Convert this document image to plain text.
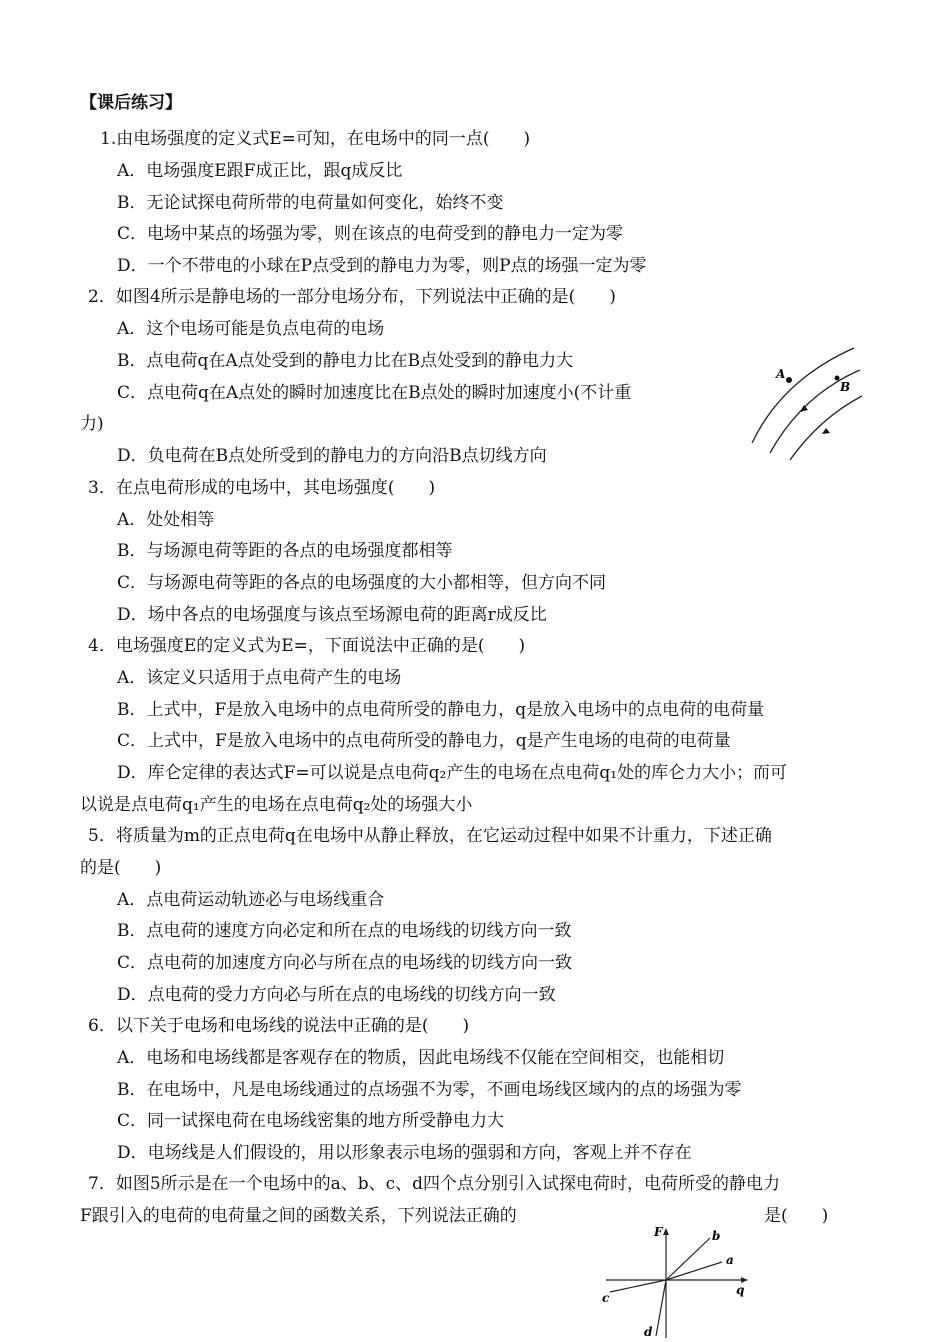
【课后练习】
1.由电场强度的定义式E=可知，在电场中的同一点(　　)
A．电场强度E跟F成正比，跟q成反比
B．无论试探电荷所带的电荷量如何变化，始终不变
C．电场中某点的场强为零，则在该点的电荷受到的静电力一定为零
D．一个不带电的小球在P点受到的静电力为零，则P点的场强一定为零
2．如图4所示是静电场的一部分电场分布，下列说法中正确的是(　　)
A．这个电场可能是负点电荷的电场
B．点电荷q在A点处受到的静电力比在B点处受到的静电力大
C．点电荷q在A点处的瞬时加速度比在B点处的瞬时加速度小(不计重
力)
D．负电荷在B点处所受到的静电力的方向沿B点切线方向
A
B
3．在点电荷形成的电场中，其电场强度(　　)
A．处处相等
B．与场源电荷等距的各点的电场强度都相等
C．与场源电荷等距的各点的电场强度的大小都相等，但方向不同
D．场中各点的电场强度与该点至场源电荷的距离r成反比
4．电场强度E的定义式为E=，下面说法中正确的是(　　)
A．该定义只适用于点电荷产生的电场
B．上式中，F是放入电场中的点电荷所受的静电力，q是放入电场中的点电荷的电荷量
C．上式中，F是放入电场中的点电荷所受的静电力，q是产生电场的电荷的电荷量
D．库仑定律的表达式F=可以说是点电荷q₂产生的电场在点电荷q₁处的库仑力大小；而可
以说是点电荷q₁产生的电场在点电荷q₂处的场强大小
5．将质量为m的正点电荷q在电场中从静止释放，在它运动过程中如果不计重力，下述正确
的是(　　)
A．点电荷运动轨迹必与电场线重合
B．点电荷的速度方向必定和所在点的电场线的切线方向一致
C．点电荷的加速度方向必与所在点的电场线的切线方向一致
D．点电荷的受力方向必与所在点的电场线的切线方向一致
6．以下关于电场和电场线的说法中正确的是(　　)
A．电场和电场线都是客观存在的物质，因此电场线不仅能在空间相交，也能相切
B．在电场中，凡是电场线通过的点场强不为零，不画电场线区域内的点的场强为零
C．同一试探电荷在电场线密集的地方所受静电力大
D．电场线是人们假设的，用以形象表示电场的强弱和方向，客观上并不存在
7．如图5所示是在一个电场中的a、b、c、d四个点分别引入试探电荷时，电荷所受的静电力
F跟引入的电荷的电荷量之间的函数关系，下列说法正确的	是(　　)
F
q
b
a
c
d
